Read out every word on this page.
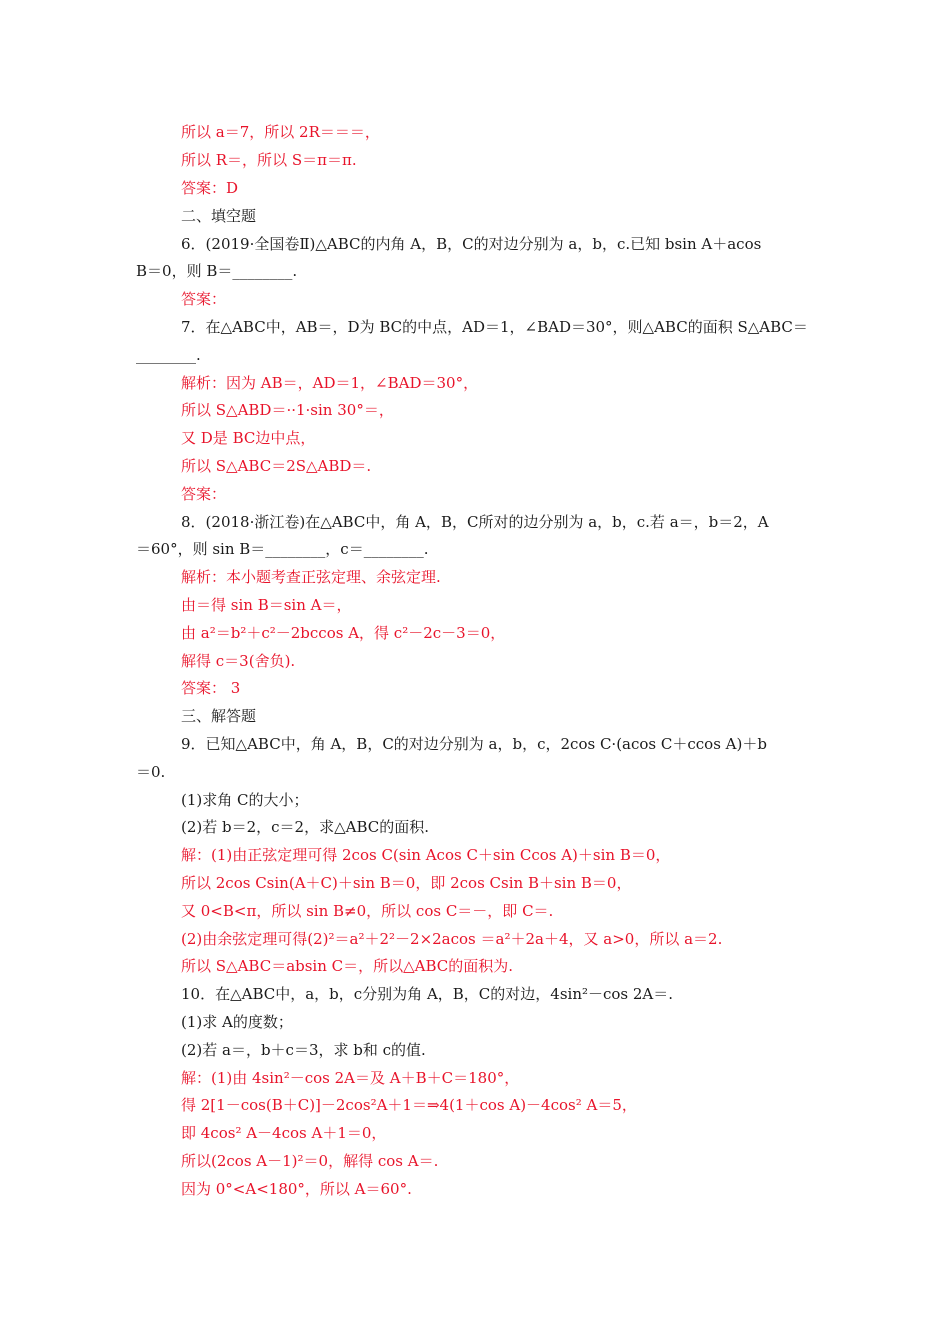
所以 a＝7，所以 2R＝＝＝，
所以 R＝，所以 S＝π＝π.
答案：D
二、填空题
6．(2019·全国卷Ⅱ)△ABC的内角 A，B，C的对边分别为 a，b，c.已知 bsin A＋acos
B＝0，则 B＝________.
答案：
7．在△ABC中，AB＝，D为 BC的中点，AD＝1，∠BAD＝30°，则△ABC的面积 S△ABC＝
________.
解析：因为 AB＝，AD＝1，∠BAD＝30°，
所以 S△ABD＝··1·sin 30°＝，
又 D是 BC边中点，
所以 S△ABC＝2S△ABD＝.
答案：
8．(2018·浙江卷)在△ABC中，角 A，B，C所对的边分别为 a，b，c.若 a＝，b＝2，A
＝60°，则 sin B＝________，c＝________.
解析：本小题考查正弦定理、余弦定理.
由＝得 sin B＝sin A＝，
由 a²＝b²＋c²－2bccos A，得 c²－2c－3＝0，
解得 c＝3(舍负).
答案： 3
三、解答题
9．已知△ABC中，角 A，B，C的对边分别为 a，b，c，2cos C·(acos C＋ccos A)＋b
＝0.
(1)求角 C的大小；
(2)若 b＝2，c＝2，求△ABC的面积.
解：(1)由正弦定理可得 2cos C(sin Acos C＋sin Ccos A)＋sin B＝0，
所以 2cos Csin(A＋C)＋sin B＝0，即 2cos Csin B＋sin B＝0，
又 0<B<π，所以 sin B≠0，所以 cos C＝－，即 C＝.
(2)由余弦定理可得(2)²＝a²＋2²－2×2acos ＝a²＋2a＋4，又 a>0，所以 a＝2.
所以 S△ABC＝absin C＝，所以△ABC的面积为.
10．在△ABC中，a，b，c分别为角 A，B，C的对边，4sin²－cos 2A＝.
(1)求 A的度数；
(2)若 a＝，b＋c＝3，求 b和 c的值.
解：(1)由 4sin²－cos 2A＝及 A＋B＋C＝180°，
得 2[1－cos(B＋C)]－2cos²A＋1＝⇒4(1＋cos A)－4cos² A＝5，
即 4cos² A－4cos A＋1＝0，
所以(2cos A－1)²＝0，解得 cos A＝.
因为 0°<A<180°，所以 A＝60°.
